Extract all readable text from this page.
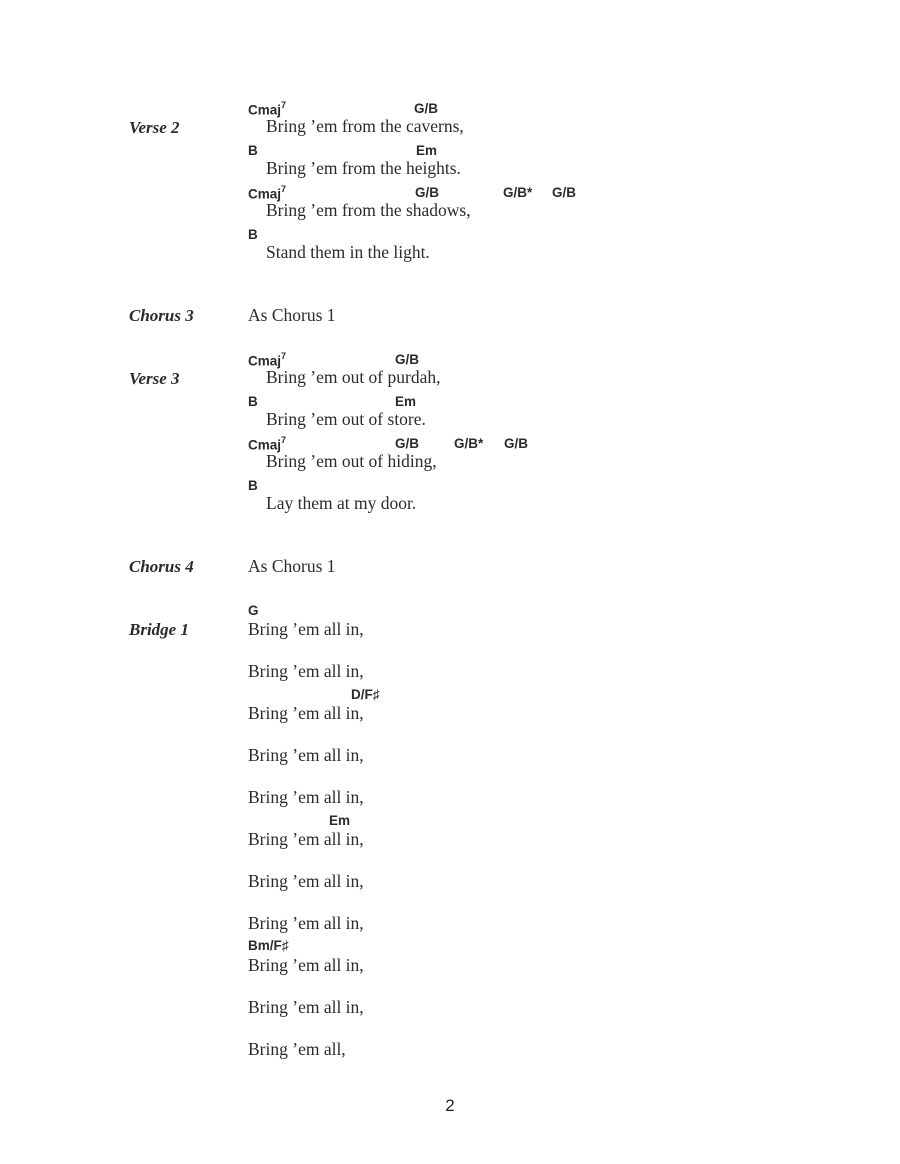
Verse 2
Cmaj$^7$	G/B
Bring ’em from the caverns,
B	Em
Bring ’em from the heights.
Cmaj$^7$	G/B	G/B* G/B
Bring ’em from the shadows,
B
Stand them in the light.
Chorus 3	As Chorus 1
Verse 3
Cmaj$^7$	G/B
Bring ’em out of purdah,
B	Em
Bring ’em out of store.
Cmaj$^7$	G/B	G/B* G/B
Bring ’em out of hiding,
B
Lay them at my door.
Chorus 4	As Chorus 1
Bridge 1
G
Bring ’em all in,
Bring ’em all in,
D/F♯
Bring ’em all in,
Bring ’em all in,
Bring ’em all in,
Em
Bring ’em all in,
Bring ’em all in,
Bring ’em all in,
Bm/F♯
Bring ’em all in,
Bring ’em all in,
Bring ’em all,
2
